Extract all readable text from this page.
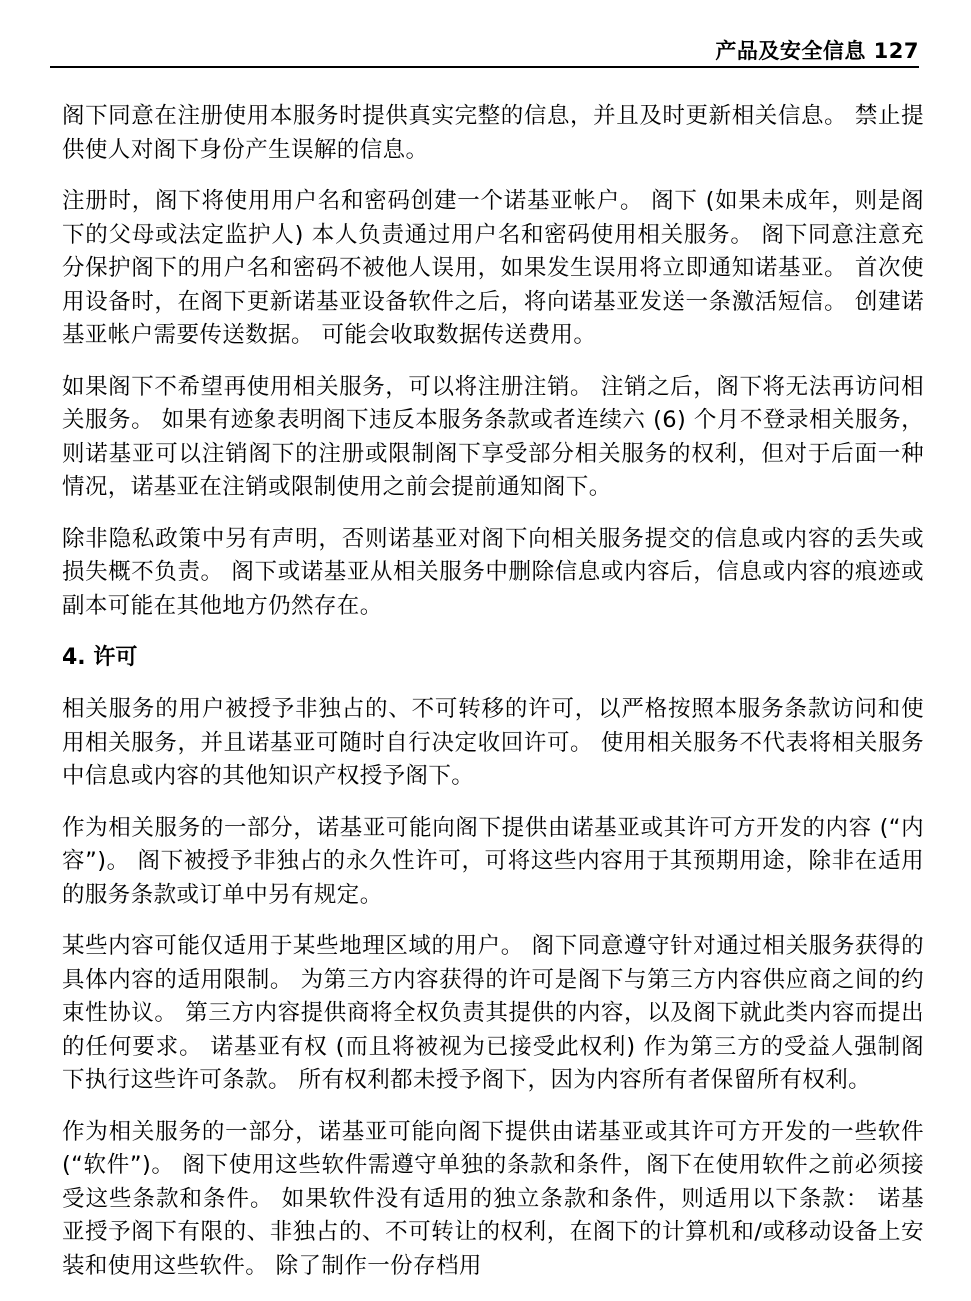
产品及安全信息 127

阁下同意在注册使用本服务时提供真实完整的信息，并且及时更新相关信息。 禁止提供使人对阁下身份产生误解的信息。

注册时，阁下将使用用户名和密码创建一个诺基亚帐户。 阁下 (如果未成年，则是阁下的父母或法定监护人) 本人负责通过用户名和密码使用相关服务。 阁下同意注意充分保护阁下的用户名和密码不被他人误用，如果发生误用将立即通知诺基亚。 首次使用设备时，在阁下更新诺基亚设备软件之后，将向诺基亚发送一条激活短信。 创建诺基亚帐户需要传送数据。 可能会收取数据传送费用。

如果阁下不希望再使用相关服务，可以将注册注销。 注销之后，阁下将无法再访问相关服务。 如果有迹象表明阁下违反本服务条款或者连续六 (6) 个月不登录相关服务，则诺基亚可以注销阁下的注册或限制阁下享受部分相关服务的权利，但对于后面一种情况，诺基亚在注销或限制使用之前会提前通知阁下。

除非隐私政策中另有声明，否则诺基亚对阁下向相关服务提交的信息或内容的丢失或损失概不负责。 阁下或诺基亚从相关服务中删除信息或内容后，信息或内容的痕迹或副本可能在其他地方仍然存在。

4. 许可

相关服务的用户被授予非独占的、不可转移的许可，以严格按照本服务条款访问和使用相关服务，并且诺基亚可随时自行决定收回许可。 使用相关服务不代表将相关服务中信息或内容的其他知识产权授予阁下。

作为相关服务的一部分，诺基亚可能向阁下提供由诺基亚或其许可方开发的内容 (“内容”)。 阁下被授予非独占的永久性许可，可将这些内容用于其预期用途，除非在适用的服务条款或订单中另有规定。

某些内容可能仅适用于某些地理区域的用户。 阁下同意遵守针对通过相关服务获得的具体内容的适用限制。 为第三方内容获得的许可是阁下与第三方内容供应商之间的约束性协议。 第三方内容提供商将全权负责其提供的内容，以及阁下就此类内容而提出的任何要求。 诺基亚有权 (而且将被视为已接受此权利) 作为第三方的受益人强制阁下执行这些许可条款。 所有权利都未授予阁下，因为内容所有者保留所有权利。

作为相关服务的一部分，诺基亚可能向阁下提供由诺基亚或其许可方开发的一些软件 (“软件”)。 阁下使用这些软件需遵守单独的条款和条件，阁下在使用软件之前必须接受这些条款和条件。 如果软件没有适用的独立条款和条件，则适用以下条款： 诺基亚授予阁下有限的、非独占的、不可转让的权利，在阁下的计算机和/或移动设备上安装和使用这些软件。 除了制作一份存档用
